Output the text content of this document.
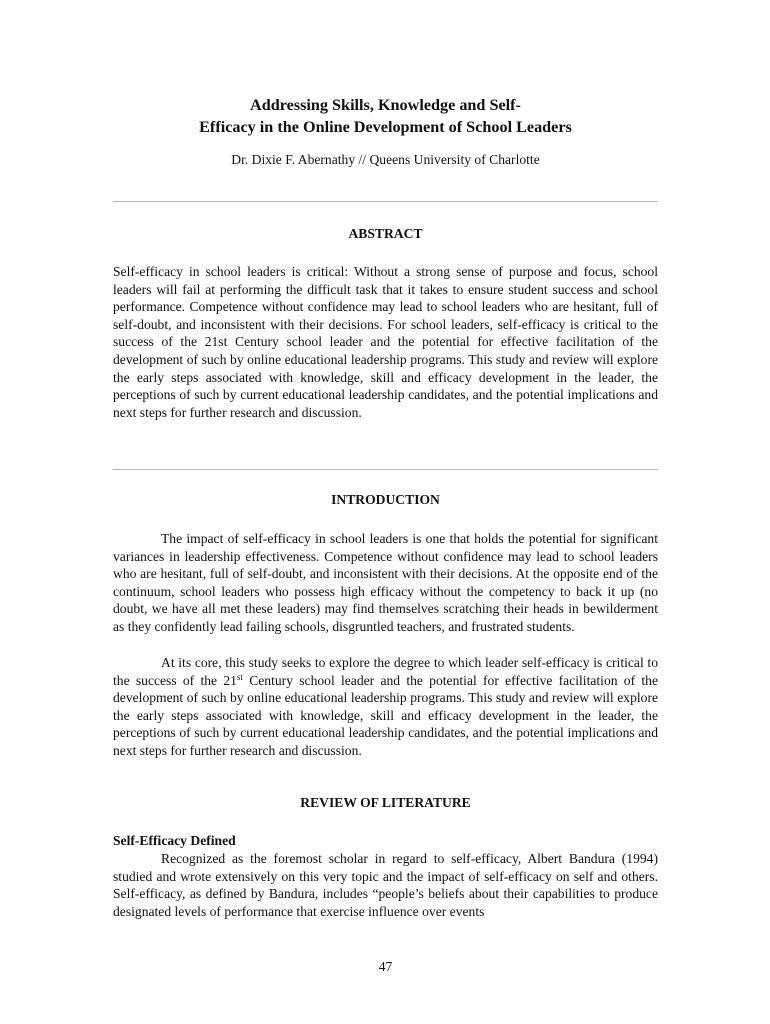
Addressing Skills, Knowledge and Self-
Efficacy in the Online Development of School Leaders

Dr. Dixie F. Abernathy // Queens University of Charlotte

ABSTRACT

Self-efficacy in school leaders is critical: Without a strong sense of purpose and focus, school leaders will fail at performing the difficult task that it takes to ensure student success and school performance. Competence without confidence may lead to school leaders who are hesitant, full of self-doubt, and inconsistent with their decisions. For school leaders, self-efficacy is critical to the success of the 21st Century school leader and the potential for effective facilitation of the development of such by online educational leadership programs. This study and review will explore the early steps associated with knowledge, skill and efficacy development in the leader, the perceptions of such by current educational leadership candidates, and the potential implications and next steps for further research and discussion.

INTRODUCTION

The impact of self-efficacy in school leaders is one that holds the potential for significant variances in leadership effectiveness. Competence without confidence may lead to school leaders who are hesitant, full of self-doubt, and inconsistent with their decisions. At the opposite end of the continuum, school leaders who possess high efficacy without the competency to back it up (no doubt, we have all met these leaders) may find themselves scratching their heads in bewilderment as they confidently lead failing schools, disgruntled teachers, and frustrated students.

At its core, this study seeks to explore the degree to which leader self-efficacy is critical to the success of the 21st Century school leader and the potential for effective facilitation of the development of such by online educational leadership programs. This study and review will explore the early steps associated with knowledge, skill and efficacy development in the leader, the perceptions of such by current educational leadership candidates, and the potential implications and next steps for further research and discussion.

REVIEW OF LITERATURE
Self-Efficacy Defined

Recognized as the foremost scholar in regard to self-efficacy, Albert Bandura (1994) studied and wrote extensively on this very topic and the impact of self-efficacy on self and others. Self-efficacy, as defined by Bandura, includes “people’s beliefs about their capabilities to produce designated levels of performance that exercise influence over events

47
